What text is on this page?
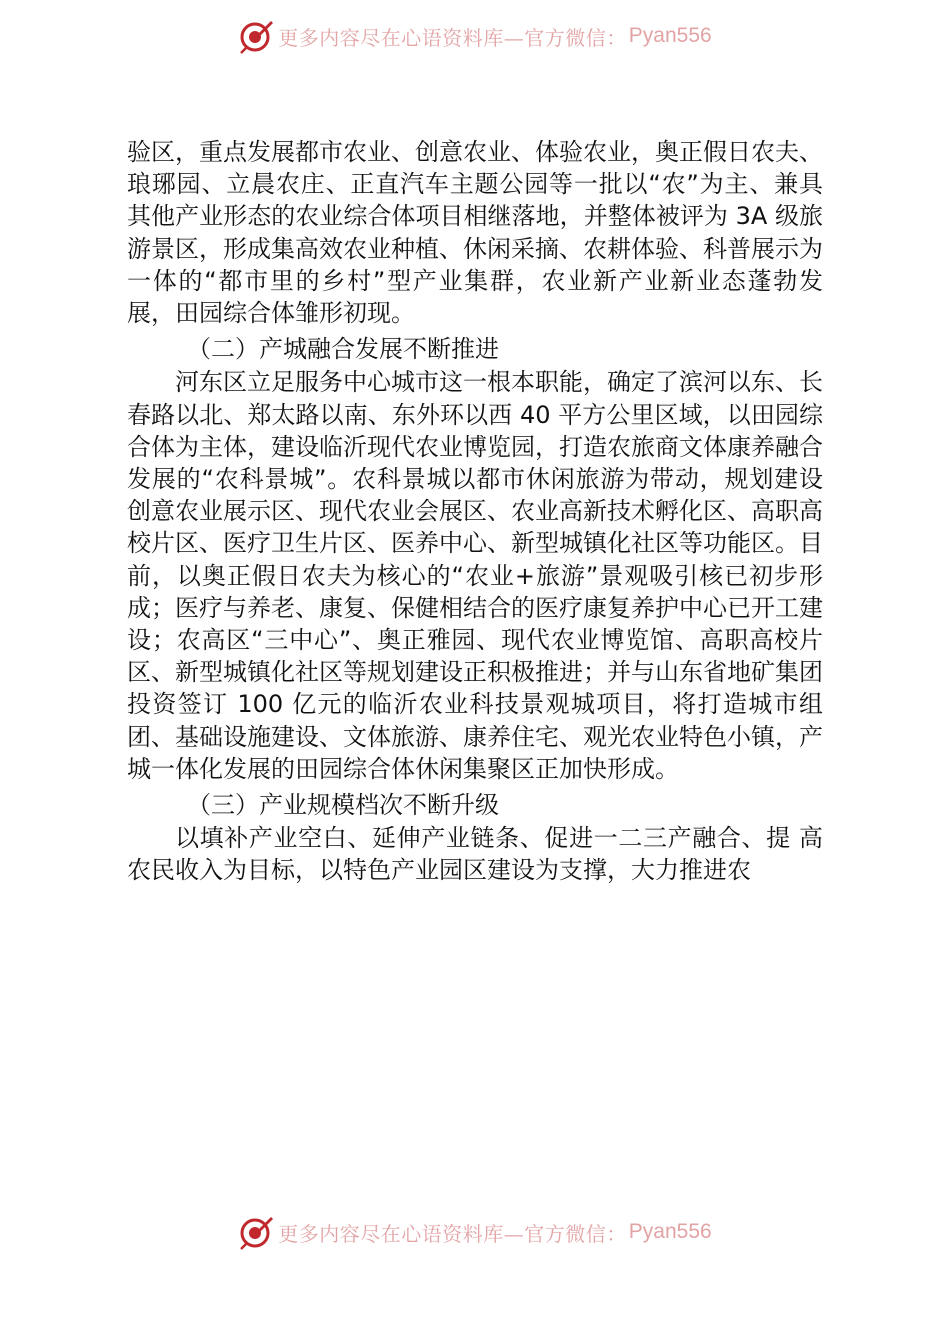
更多内容尽在心语资料库—官方微信： Pyan556

验区，重点发展都市农业、创意农业、体验农业，奥正假日农夫、琅琊园、立晨农庄、正直汽车主题公园等一批以“农”为主、兼具其他产业形态的农业综合体项目相继落地，并整体被评为 3A 级旅游景区，形成集高效农业种植、休闲采摘、农耕体验、科普展示为一体的“都市里的乡村”型产业集群，农业新产业新业态蓬勃发展，田园综合体雏形初现。

（二）产城融合发展不断推进

河东区立足服务中心城市这一根本职能，确定了滨河以东、长春路以北、郑太路以南、东外环以西 40 平方公里区域，以田园综合体为主体，建设临沂现代农业博览园，打造农旅商文体康养融合发展的“农科景城”。农科景城以都市休闲旅游为带动，规划建设创意农业展示区、现代农业会展区、农业高新技术孵化区、高职高校片区、医疗卫生片区、医养中心、新型城镇化社区等功能区。目前，以奥正假日农夫为核心的“农业+旅游”景观吸引核已初步形成；医疗与养老、康复、保健相结合的医疗康复养护中心已开工建设；农高区“三中心”、奥正雅园、现代农业博览馆、高职高校片区、新型城镇化社区等规划建设正积极推进；并与山东省地矿集团投资签订 100 亿元的临沂农业科技景观城项目，将打造城市组团、基础设施建设、文体旅游、康养住宅、观光农业特色小镇，产城一体化发展的田园综合体休闲集聚区正加快形成。

（三）产业规模档次不断升级

以填补产业空白、延伸产业链条、促进一二三产融合、提 高农民收入为目标，以特色产业园区建设为支撑，大力推进农

更多内容尽在心语资料库—官方微信： Pyan556
